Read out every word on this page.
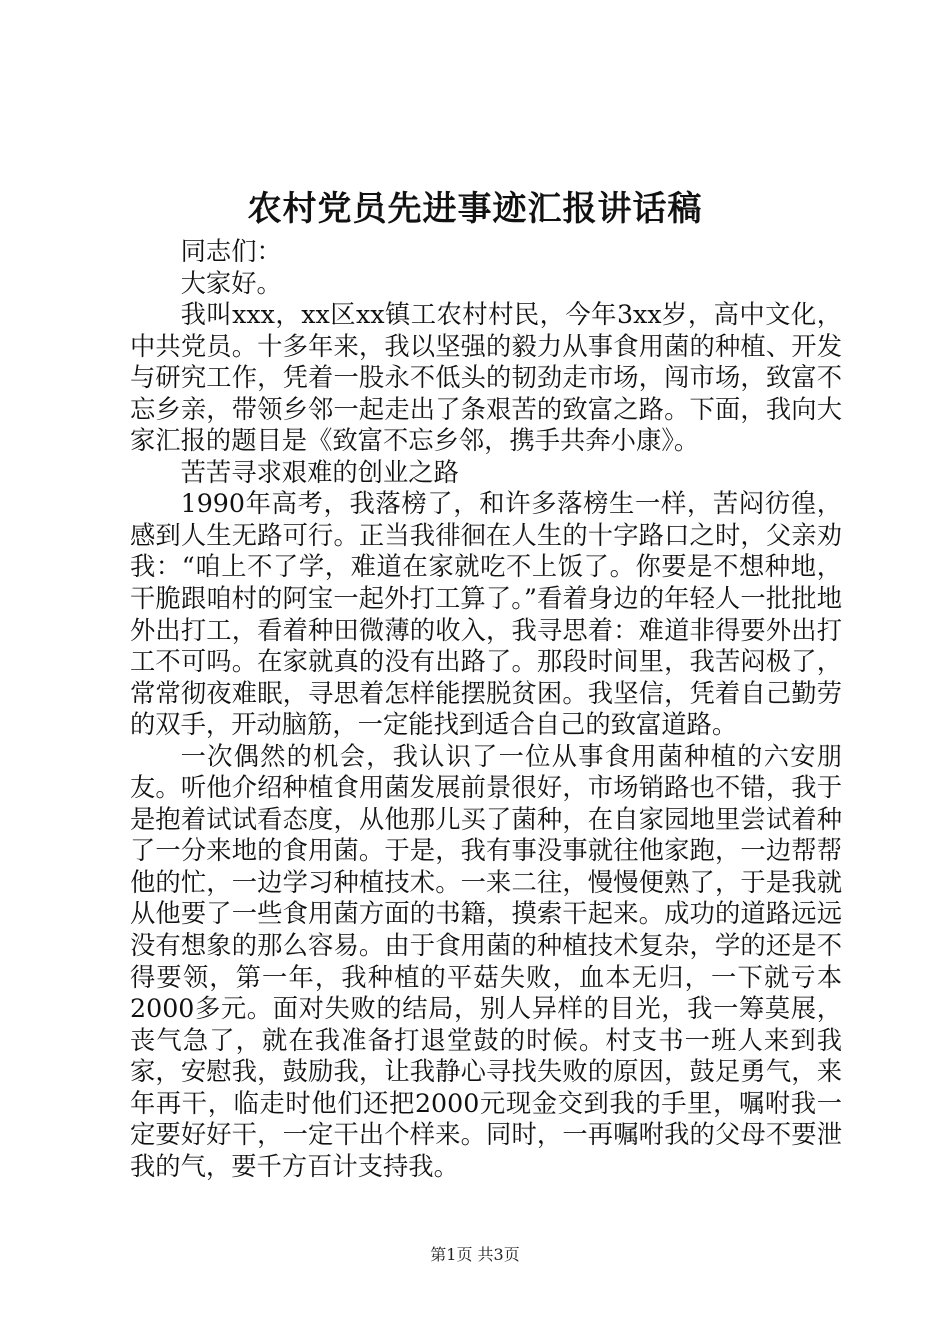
农村党员先进事迹汇报讲话稿

同志们：

大家好。

我叫xxx，xx区xx镇工农村村民，今年3xx岁，高中文化，中共党员。十多年来，我以坚强的毅力从事食用菌的种植、开发与研究工作，凭着一股永不低头的韧劲走市场，闯市场，致富不忘乡亲，带领乡邻一起走出了条艰苦的致富之路。下面，我向大家汇报的题目是《致富不忘乡邻，携手共奔小康》。

苦苦寻求艰难的创业之路

1990年高考，我落榜了，和许多落榜生一样，苦闷彷徨，感到人生无路可行。正当我徘徊在人生的十字路口之时，父亲劝我：“咱上不了学，难道在家就吃不上饭了。你要是不想种地，干脆跟咱村的阿宝一起外打工算了。”看着身边的年轻人一批批地外出打工，看着种田微薄的收入，我寻思着：难道非得要外出打工不可吗。在家就真的没有出路了。那段时间里，我苦闷极了，常常彻夜难眠，寻思着怎样能摆脱贫困。我坚信，凭着自己勤劳的双手，开动脑筋，一定能找到适合自己的致富道路。

一次偶然的机会，我认识了一位从事食用菌种植的六安朋友。听他介绍种植食用菌发展前景很好，市场销路也不错，我于是抱着试试看态度，从他那儿买了菌种，在自家园地里尝试着种了一分来地的食用菌。于是，我有事没事就往他家跑，一边帮帮他的忙，一边学习种植技术。一来二往，慢慢便熟了，于是我就从他要了一些食用菌方面的书籍，摸索干起来。成功的道路远远没有想象的那么容易。由于食用菌的种植技术复杂，学的还是不得要领，第一年，我种植的平菇失败，血本无归，一下就亏本2000多元。面对失败的结局，别人异样的目光，我一筹莫展，丧气急了，就在我准备打退堂鼓的时候。村支书一班人来到我家，安慰我，鼓励我，让我静心寻找失败的原因，鼓足勇气，来年再干，临走时他们还把2000元现金交到我的手里，嘱咐我一定要好好干，一定干出个样来。同时，一再嘱咐我的父母不要泄我的气，要千方百计支持我。

第1页 共3页
